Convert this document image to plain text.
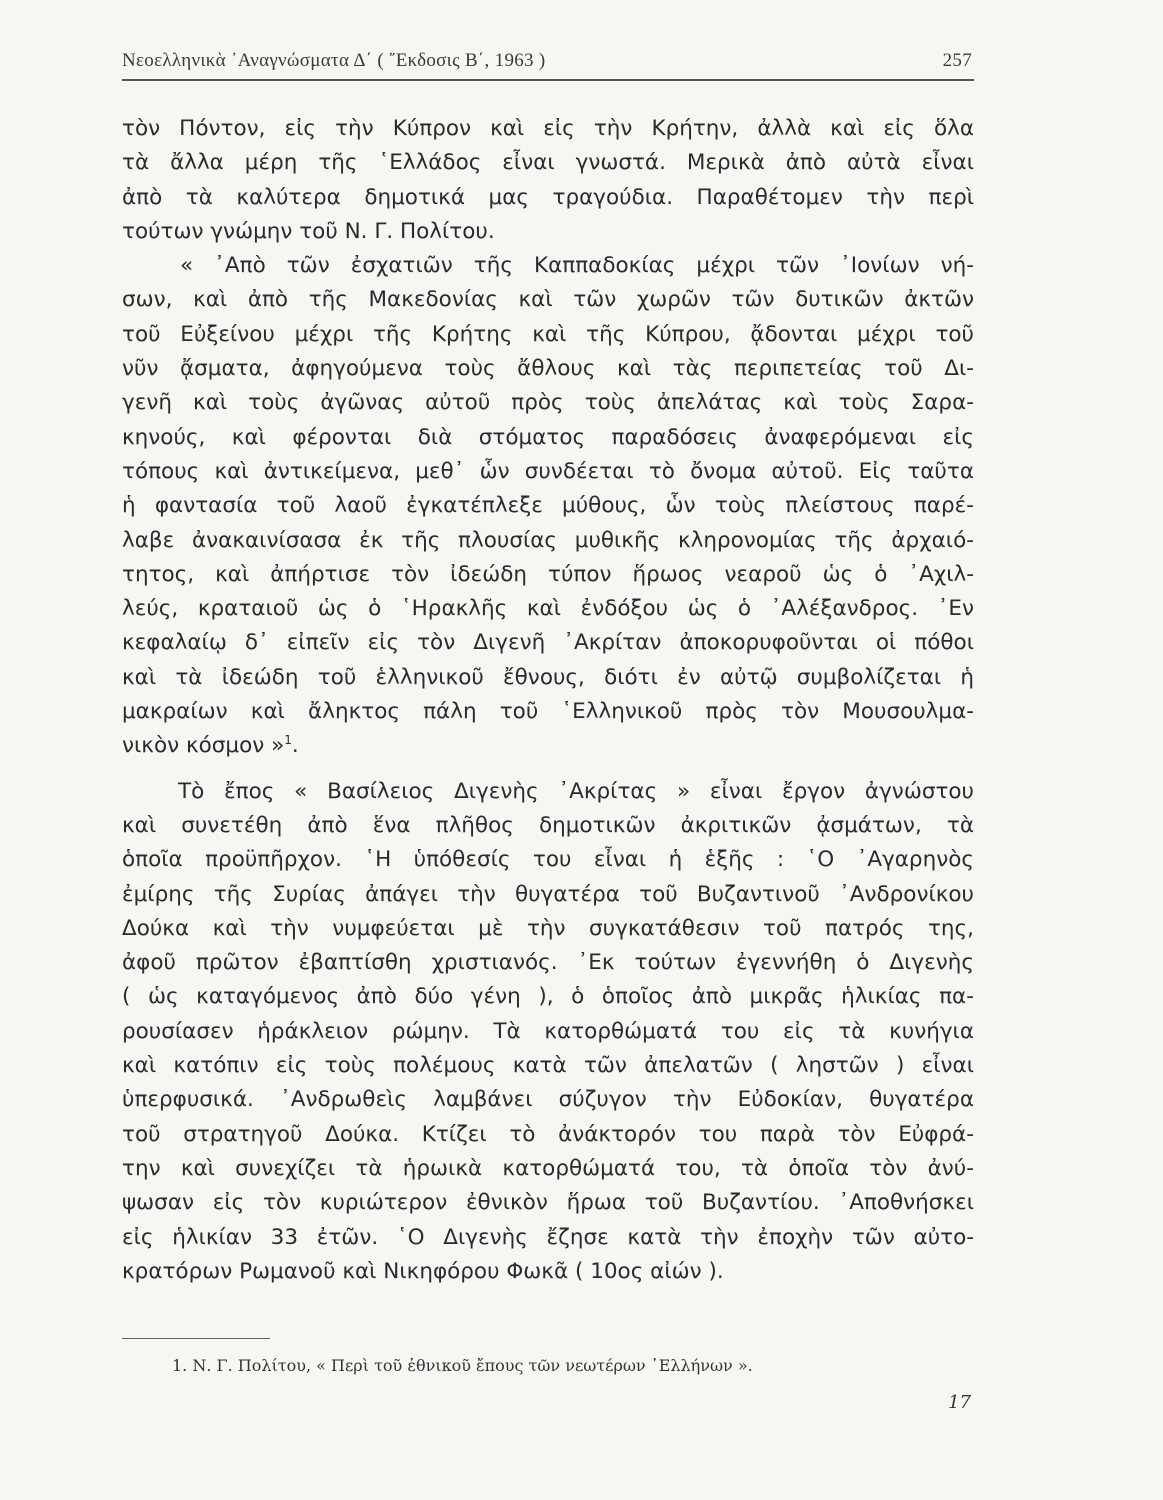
Νεοελληνικὰ ᾿Αναγνώσματα Δ΄ ( ῎Εκδοσις Β΄, 1963 )	257
τὸν Πόντον, εἰς τὴν Κύπρον καὶ εἰς τὴν Κρήτην, ἀλλὰ καὶ εἰς ὅλα
τὰ ἄλλα μέρη τῆς ῾Ελλάδος εἶναι γνωστά. Μερικὰ ἀπὸ αὐτὰ εἶναι
ἀπὸ τὰ καλύτερα δημοτικά μας τραγούδια. Παραθέτομεν τὴν περὶ
τούτων γνώμην τοῦ Ν. Γ. Πολίτου.
« ᾿Απὸ τῶν ἐσχατιῶν τῆς Καππαδοκίας μέχρι τῶν ᾿Ιονίων νή-
σων, καὶ ἀπὸ τῆς Μακεδονίας καὶ τῶν χωρῶν τῶν δυτικῶν ἀκτῶν
τοῦ Εὐξείνου μέχρι τῆς Κρήτης καὶ τῆς Κύπρου, ᾄδονται μέχρι τοῦ
νῦν ᾄσματα, ἀφηγούμενα τοὺς ἄθλους καὶ τὰς περιπετείας τοῦ Δι-
γενῆ καὶ τοὺς ἀγῶνας αὐτοῦ πρὸς τοὺς ἀπελάτας καὶ τοὺς Σαρα-
κηνούς, καὶ φέρονται διὰ στόματος παραδόσεις ἀναφερόμεναι εἰς
τόπους καὶ ἀντικείμενα, μεθ᾿ ὧν συνδέεται τὸ ὄνομα αὐτοῦ. Εἰς ταῦτα
ἡ φαντασία τοῦ λαοῦ ἐγκατέπλεξε μύθους, ὧν τοὺς πλείστους παρέ-
λαβε ἀνακαινίσασα ἐκ τῆς πλουσίας μυθικῆς κληρονομίας τῆς ἀρχαιό-
τητος, καὶ ἀπήρτισε τὸν ἰδεώδη τύπον ἥρωος νεαροῦ ὡς ὁ ᾿Αχιλ-
λεύς, κραταιοῦ ὡς ὁ ῾Ηρακλῆς καὶ ἐνδόξου ὡς ὁ ᾿Αλέξανδρος. ᾿Εν
κεφαλαίῳ δ᾿ εἰπεῖν εἰς τὸν Διγενῆ ᾿Ακρίταν ἀποκορυφοῦνται οἱ πόθοι
καὶ τὰ ἰδεώδη τοῦ ἑλληνικοῦ ἔθνους, διότι ἐν αὐτῷ συμβολίζεται ἡ
μακραίων καὶ ἄληκτος πάλη τοῦ ῾Ελληνικοῦ πρὸς τὸν Μουσουλμα-
νικὸν κόσμον »$^1$.
Τὸ ἔπος « Βασίλειος Διγενὴς ᾿Ακρίτας » εἶναι ἔργον ἀγνώστου
καὶ συνετέθη ἀπὸ ἕνα πλῆθος δημοτικῶν ἀκριτικῶν ᾀσμάτων, τὰ
ὁποῖα προϋπῆρχον. ῾Η ὑπόθεσίς του εἶναι ἡ ἑξῆς : ῾Ο ᾿Αγαρηνὸς
ἐμίρης τῆς Συρίας ἀπάγει τὴν θυγατέρα τοῦ Βυζαντινοῦ ᾿Ανδρονίκου
Δούκα καὶ τὴν νυμφεύεται μὲ τὴν συγκατάθεσιν τοῦ πατρός της,
ἀφοῦ πρῶτον ἐβαπτίσθη χριστιανός. ᾿Εκ τούτων ἐγεννήθη ὁ Διγενὴς
( ὡς καταγόμενος ἀπὸ δύο γένη ), ὁ ὁποῖος ἀπὸ μικρᾶς ἡλικίας πα-
ρουσίασεν ἡράκλειον ρώμην. Τὰ κατορθώματά του εἰς τὰ κυνήγια
καὶ κατόπιν εἰς τοὺς πολέμους κατὰ τῶν ἀπελατῶν ( ληστῶν ) εἶναι
ὑπερφυσικά. ᾿Ανδρωθεὶς λαμβάνει σύζυγον τὴν Εὐδοκίαν, θυγατέρα
τοῦ στρατηγοῦ Δούκα. Κτίζει τὸ ἀνάκτορόν του παρὰ τὸν Εὐφρά-
την καὶ συνεχίζει τὰ ἡρωικὰ κατορθώματά του, τὰ ὁποῖα τὸν ἀνύ-
ψωσαν εἰς τὸν κυριώτερον ἐθνικὸν ἥρωα τοῦ Βυζαντίου. ᾿Αποθνήσκει
εἰς ἡλικίαν 33 ἐτῶν. ῾Ο Διγενὴς ἔζησε κατὰ τὴν ἐποχὴν τῶν αὐτο-
κρατόρων Ρωμανοῦ καὶ Νικηφόρου Φωκᾶ ( 10ος αἰών ).
1. Ν. Γ. Πολίτου, « Περὶ τοῦ ἐθνικοῦ ἔπους τῶν νεωτέρων ῾Ελλήνων ».
17
